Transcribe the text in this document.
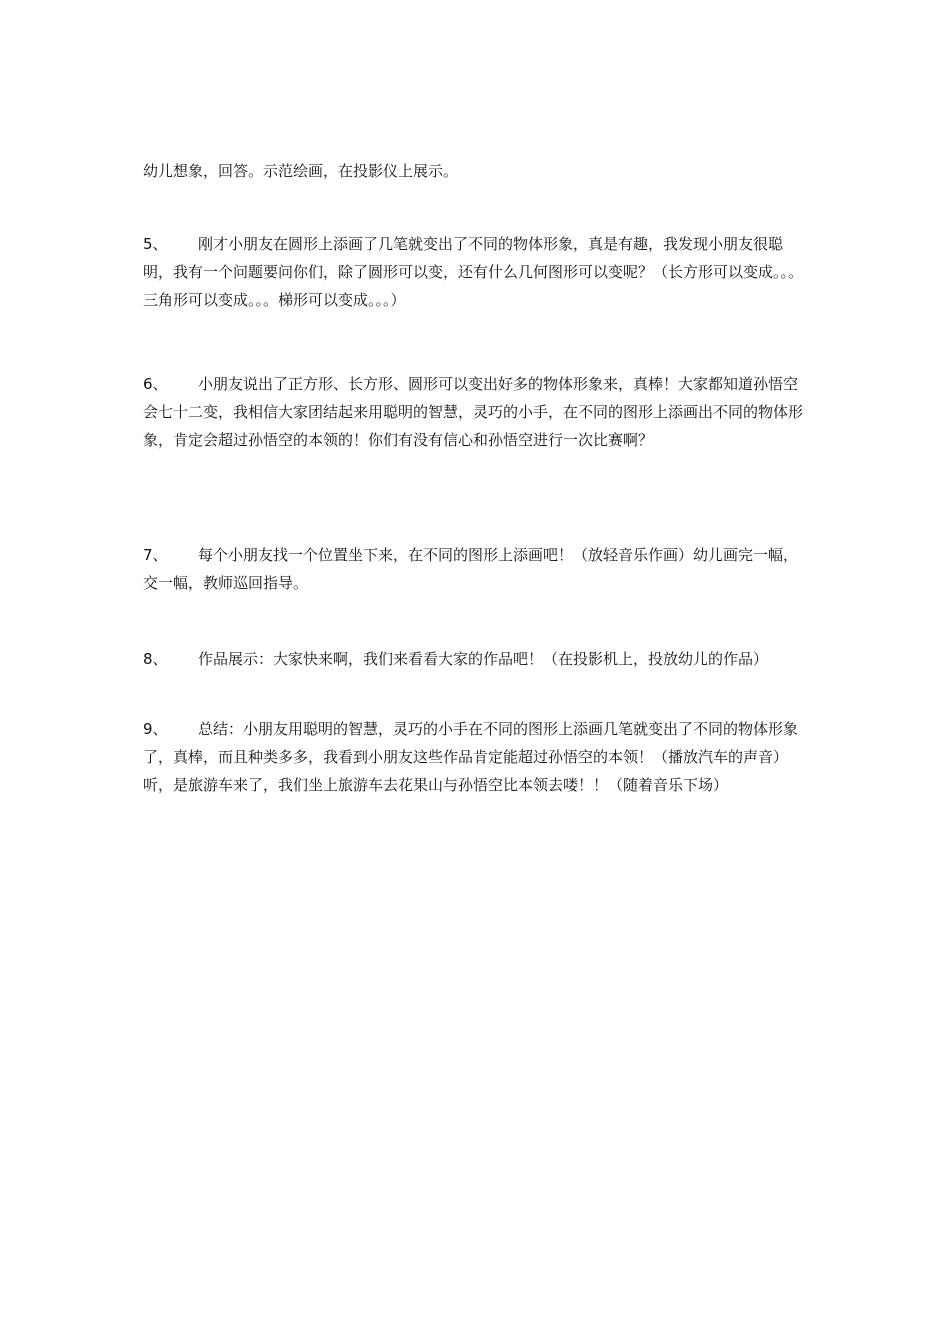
幼儿想象，回答。示范绘画，在投影仪上展示。

5、 刚才小朋友在圆形上添画了几笔就变出了不同的物体形象，真是有趣，我发现小朋友很聪明，我有一个问题要问你们，除了圆形可以变，还有什么几何图形可以变呢？（长方形可以变成。。。三角形可以变成。。。梯形可以变成。。。）

6、 小朋友说出了正方形、长方形、圆形可以变出好多的物体形象来，真棒！大家都知道孙悟空会七十二变，我相信大家团结起来用聪明的智慧，灵巧的小手，在不同的图形上添画出不同的物体形象，肯定会超过孙悟空的本领的！你们有没有信心和孙悟空进行一次比赛啊？

7、 每个小朋友找一个位置坐下来，在不同的图形上添画吧！（放轻音乐作画）幼儿画完一幅，交一幅，教师巡回指导。

8、 作品展示：大家快来啊，我们来看看大家的作品吧！（在投影机上，投放幼儿的作品）

9、 总结：小朋友用聪明的智慧，灵巧的小手在不同的图形上添画几笔就变出了不同的物体形象了，真棒，而且种类多多，我看到小朋友这些作品肯定能超过孙悟空的本领！（播放汽车的声音）听，是旅游车来了，我们坐上旅游车去花果山与孙悟空比本领去喽！！（随着音乐下场）
